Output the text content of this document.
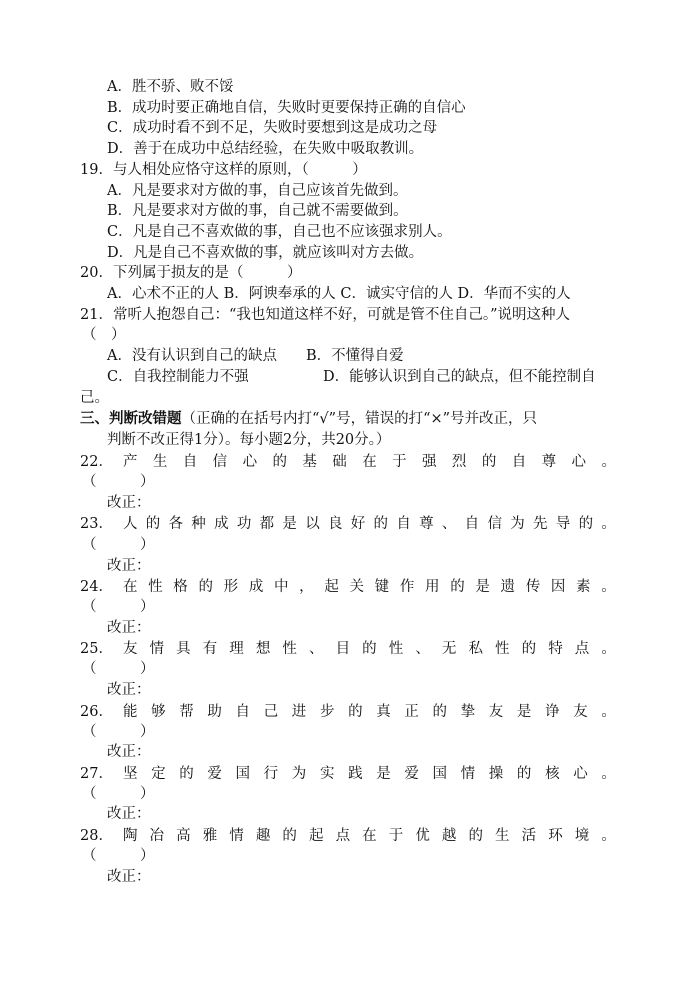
A．胜不骄、败不馁
B．成功时要正确地自信，失败时更要保持正确的自信心
C．成功时看不到不足，失败时要想到这是成功之母
D．善于在成功中总结经验，在失败中吸取教训。
19．与人相处应恪守这样的原则，（　　　）
A．凡是要求对方做的事，自己应该首先做到。
B．凡是要求对方做的事，自己就不需要做到。
C．凡是自己不喜欢做的事，自己也不应该强求别人。
D．凡是自己不喜欢做的事，就应该叫对方去做。
20．下列属于损友的是（　　　）
A．心术不正的人 B．阿谀奉承的人 C．诚实守信的人 D．华而不实的人
21．常听人抱怨自己：“我也知道这样不好，可就是管不住自己。”说明这种人
（　）
A．没有认识到自己的缺点　　B．不懂得自爱
C．自我控制能力不强	D．能够认识到自己的缺点，但不能控制自
己。
三、判断改错题（正确的在括号内打“√”号，错误的打“×”号并改正，只
判断不改正得1分）。每小题2分，共20分。）
22． 产 生 自 信 心 的 基 础 在 于 强 烈 的 自 尊 心 。
（　　　）
改正：
23． 人 的 各 种 成 功 都 是 以 良 好 的 自 尊 、 自 信 为 先 导 的 。
（　　　）
改正：
24． 在 性 格 的 形 成 中 ， 起 关 键 作 用 的 是 遗 传 因 素 。
（　　　）
改正：
25． 友 情 具 有 理 想 性 、 目 的 性 、 无 私 性 的 特 点 。
（　　　）
改正：
26． 能 够 帮 助 自 己 进 步 的 真 正 的 挚 友 是 诤 友 。
（　　　）
改正：
27． 坚 定 的 爱 国 行 为 实 践 是 爱 国 情 操 的 核 心 。
（　　　）
改正：
28． 陶 冶 高 雅 情 趣 的 起 点 在 于 优 越 的 生 活 环 境 。
（　　　）
改正：
